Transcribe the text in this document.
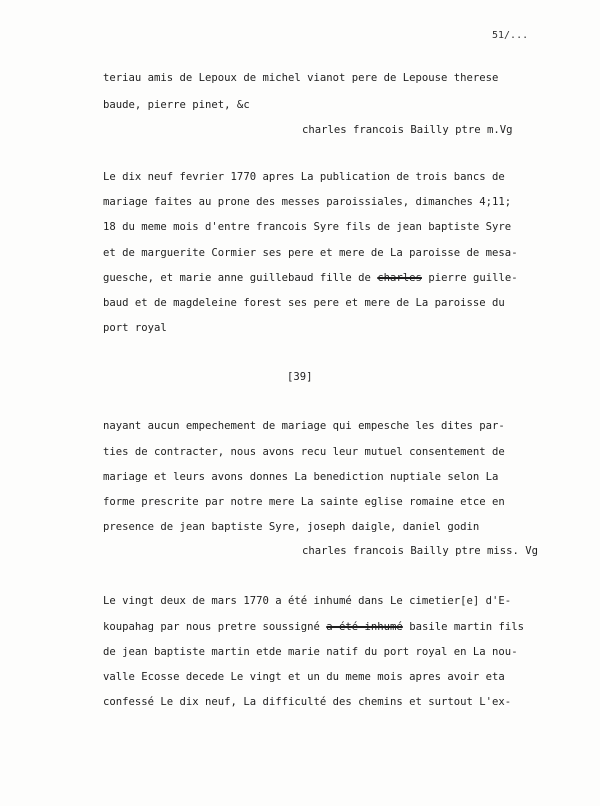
51/...
teriau amis de Lepoux de michel vianot pere de Lepouse therese
baude, pierre pinet, &c
charles francois Bailly ptre m.Vg
Le dix neuf fevrier 1770 apres La publication de trois bancs de
mariage faites au prone des messes paroissiales, dimanches 4;11;
18 du meme mois d'entre francois Syre fils de jean baptiste Syre
et de marguerite Cormier ses pere et mere de La paroisse de mesa-
guesche, et marie anne guillebaud fille de charles pierre guille-
baud et de magdeleine forest ses pere et mere de La paroisse du
port royal
[39]
nayant aucun empechement de mariage qui empesche les dites par-
ties de contracter, nous avons recu leur mutuel consentement de
mariage et leurs avons donnes La benediction nuptiale selon La
forme prescrite par notre mere La sainte eglise romaine etce en
presence de jean baptiste Syre, joseph daigle, daniel godin
charles francois Bailly ptre miss. Vg
Le vingt deux de mars 1770 a été inhumé dans Le cimetier[e] d'E-
koupahag par nous pretre soussigné a été inhumé basile martin fils
de jean baptiste martin etde marie natif du port royal en La nou-
valle Ecosse decede Le vingt et un du meme mois apres avoir eta
confessé Le dix neuf, La difficulté des chemins et surtout L'ex-
